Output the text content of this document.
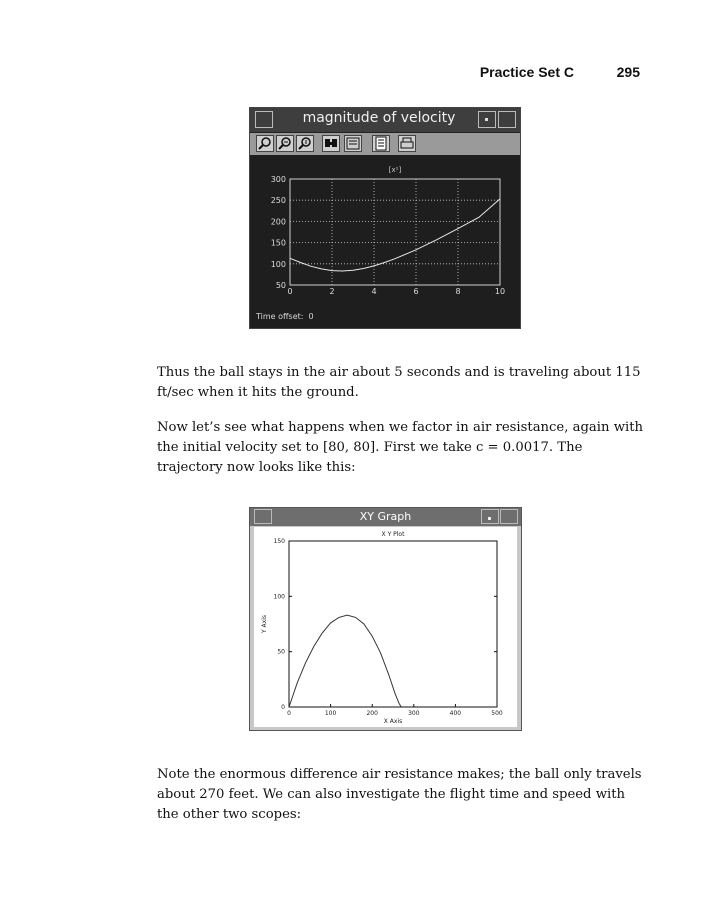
Practice Set C	295
magnitude of velocity
[x¹]
0	2	4	6	8	10
300
250
200
150
100
50
Time offset: 0

Thus the ball stays in the air about 5 seconds and is traveling about 115 ft/sec when it hits the ground.

Now let’s see what happens when we factor in air resistance, again with the initial velocity set to [80, 80]. First we take c = 0.0017. The trajectory now looks like this:

XY Graph
X Y Plot
0	100	200	300	400	500
0
50
100
150
X Axis
Y Axis

Note the enormous difference air resistance makes; the ball only travels about 270 feet. We can also investigate the flight time and speed with the other two scopes:
